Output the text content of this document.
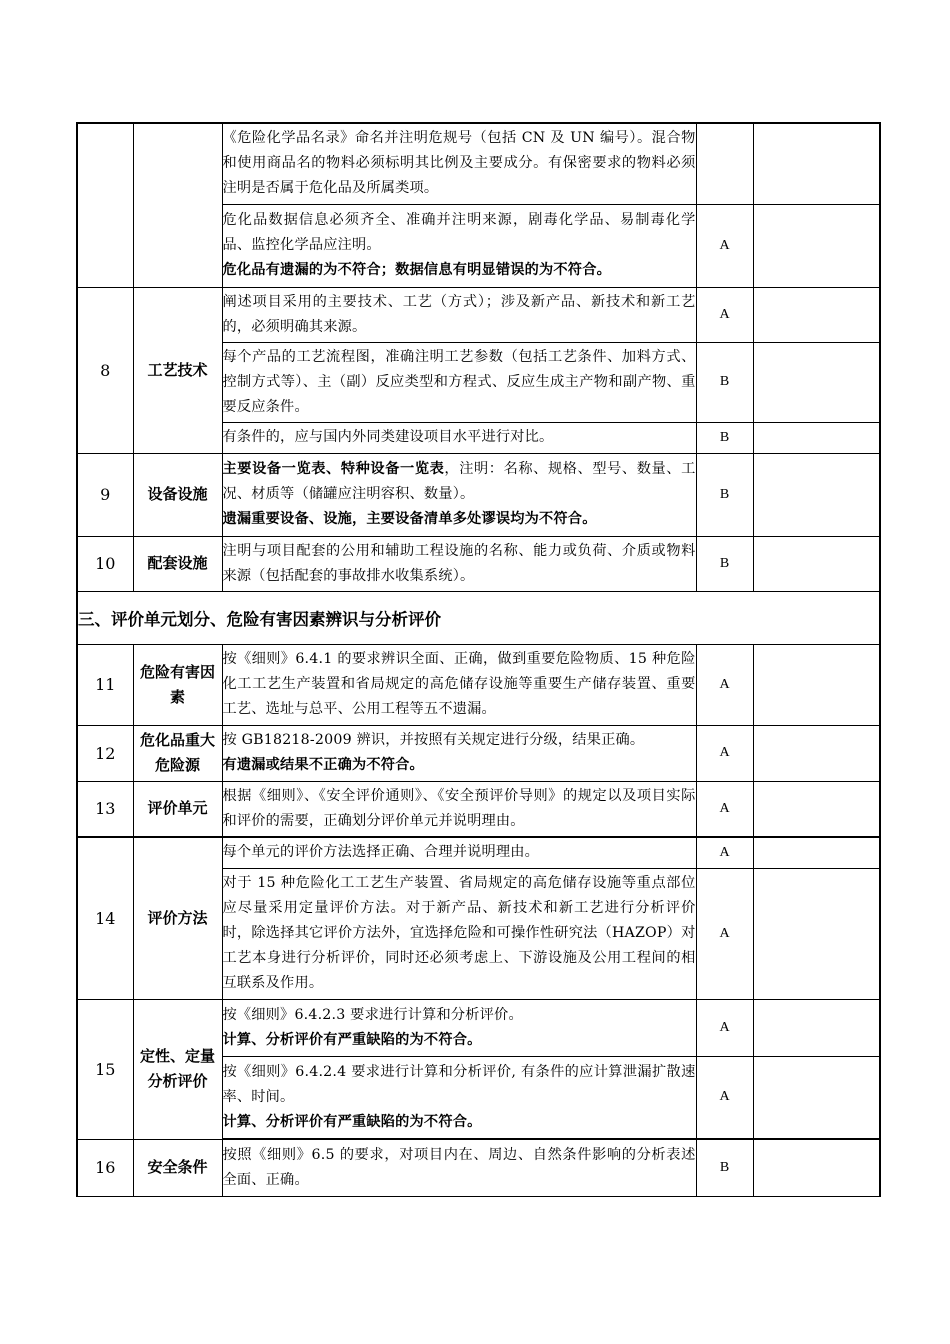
		《危险化学品名录》命名并注明危规号（包括 CN 及 UN 编号）。混合物和使用商品名的物料必须标明其比例及主要成分。有保密要求的物料必须注明是否属于危化品及所属类项。		

		危化品数据信息必须齐全、准确并注明来源，剧毒化学品、易制毒化学品、监控化学品应注明。
危化品有遗漏的为不符合；数据信息有明显错误的为不符合。	A	
8	工艺技术	阐述项目采用的主要技术、工艺（方式）；涉及新产品、新技术和新工艺的，必须明确其来源。	A	

		每个产品的工艺流程图，准确注明工艺参数（包括工艺条件、加料方式、控制方式等）、主（副）反应类型和方程式、反应生成主产物和副产物、重要反应条件。	B	

		有条件的，应与国内外同类建设项目水平进行对比。	B	
9	设备设施	主要设备一览表、特种设备一览表，注明：名称、规格、型号、数量、工况、材质等（储罐应注明容积、数量）。
遗漏重要设备、设施，主要设备清单多处谬误均为不符合。	B	
10	配套设施	注明与项目配套的公用和辅助工程设施的名称、能力或负荷、介质或物料来源（包括配套的事故排水收集系统）。	B	
三、评价单元划分、危险有害因素辨识与分析评价				
11	危险有害因素	按《细则》6.4.1 的要求辨识全面、正确，做到重要危险物质、15 种危险化工工艺生产装置和省局规定的高危储存设施等重要生产储存装置、重要工艺、选址与总平、公用工程等五不遗漏。	A	
12	危化品重大危险源	按 GB18218-2009 辨识，并按照有关规定进行分级，结果正确。
有遗漏或结果不正确为不符合。	A	
13	评价单元	根据《细则》、《安全评价通则》、《安全预评价导则》的规定以及项目实际和评价的需要，正确划分评价单元并说明理由。	A	
14	评价方法	每个单元的评价方法选择正确、合理并说明理由。	A	

		对于 15 种危险化工工艺生产装置、省局规定的高危储存设施等重点部位应尽量采用定量评价方法。对于新产品、新技术和新工艺进行分析评价时，除选择其它评价方法外，宜选择危险和可操作性研究法（HAZOP）对工艺本身进行分析评价，同时还必须考虑上、下游设施及公用工程间的相互联系及作用。	A	
15	定性、定量分析评价	按《细则》6.4.2.3 要求进行计算和分析评价。
计算、分析评价有严重缺陷的为不符合。	A	

		按《细则》6.4.2.4 要求进行计算和分析评价, 有条件的应计算泄漏扩散速率、时间。
计算、分析评价有严重缺陷的为不符合。	A	
16	安全条件	按照《细则》6.5 的要求，对项目内在、周边、自然条件影响的分析表述全面、正确。	B	
